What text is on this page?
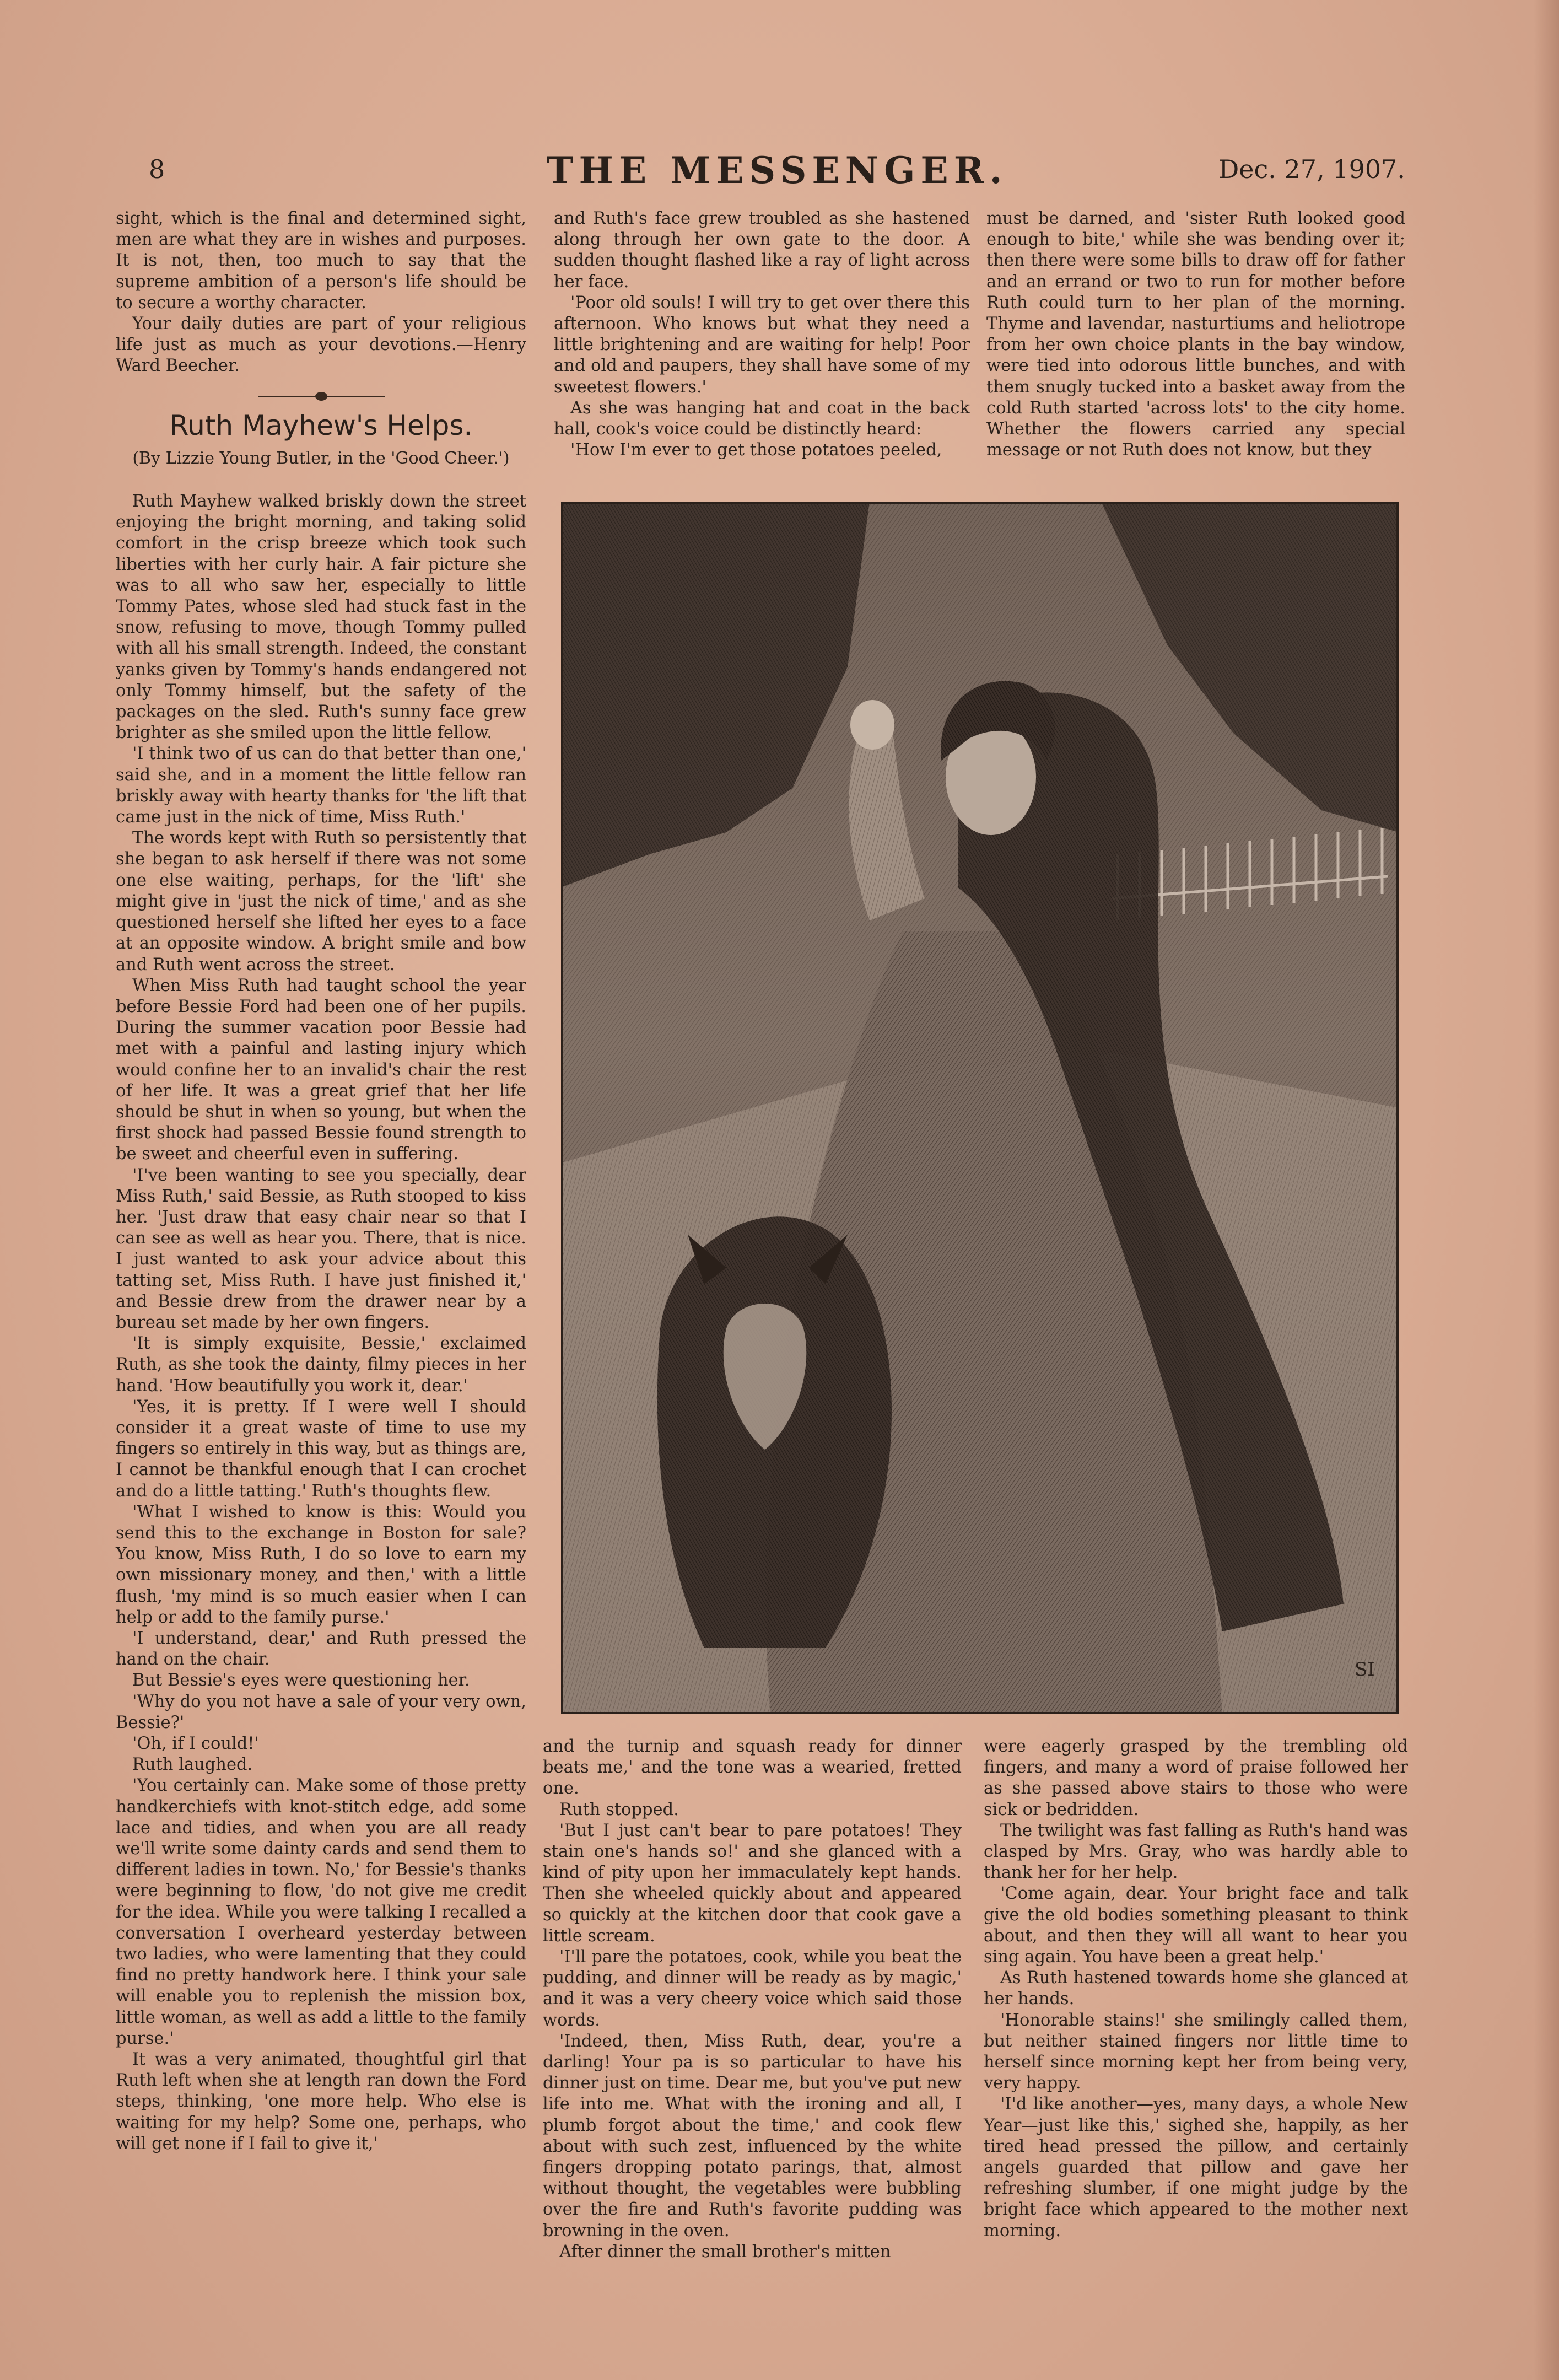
8	THE MESSENGER.	Dec. 27, 1907.

sight, which is the final and determined sight, men are what they are in wishes and purposes. It is not, then, too much to say that the supreme ambition of a person's life should be to secure a worthy character.

Your daily duties are part of your religious life just as much as your devotions.—Henry Ward Beecher.

Ruth Mayhew's Helps.
(By Lizzie Young Butler, in the 'Good Cheer.')

Ruth Mayhew walked briskly down the street enjoying the bright morning, and taking solid comfort in the crisp breeze which took such liberties with her curly hair. A fair picture she was to all who saw her, especially to little Tommy Pates, whose sled had stuck fast in the snow, refusing to move, though Tommy pulled with all his small strength. Indeed, the constant yanks given by Tommy's hands endangered not only Tommy himself, but the safety of the packages on the sled. Ruth's sunny face grew brighter as she smiled upon the little fellow.

'I think two of us can do that better than one,' said she, and in a moment the little fellow ran briskly away with hearty thanks for 'the lift that came just in the nick of time, Miss Ruth.'

The words kept with Ruth so persistently that she began to ask herself if there was not some one else waiting, perhaps, for the 'lift' she might give in 'just the nick of time,' and as she questioned herself she lifted her eyes to a face at an opposite window. A bright smile and bow and Ruth went across the street.

When Miss Ruth had taught school the year before Bessie Ford had been one of her pupils. During the summer vacation poor Bessie had met with a painful and lasting injury which would confine her to an invalid's chair the rest of her life. It was a great grief that her life should be shut in when so young, but when the first shock had passed Bessie found strength to be sweet and cheerful even in suffering.

'I've been wanting to see you specially, dear Miss Ruth,' said Bessie, as Ruth stooped to kiss her. 'Just draw that easy chair near so that I can see as well as hear you. There, that is nice. I just wanted to ask your advice about this tatting set, Miss Ruth. I have just finished it,' and Bessie drew from the drawer near by a bureau set made by her own fingers.

'It is simply exquisite, Bessie,' exclaimed Ruth, as she took the dainty, filmy pieces in her hand. 'How beautifully you work it, dear.'

'Yes, it is pretty. If I were well I should consider it a great waste of time to use my fingers so entirely in this way, but as things are, I cannot be thankful enough that I can crochet and do a little tatting.' Ruth's thoughts flew.

'What I wished to know is this: Would you send this to the exchange in Boston for sale? You know, Miss Ruth, I do so love to earn my own missionary money, and then,' with a little flush, 'my mind is so much easier when I can help or add to the family purse.'

'I understand, dear,' and Ruth pressed the hand on the chair.

But Bessie's eyes were questioning her.

'Why do you not have a sale of your very own, Bessie?'

'Oh, if I could!'

Ruth laughed.

'You certainly can. Make some of those pretty handkerchiefs with knot-stitch edge, add some lace and tidies, and when you are all ready we'll write some dainty cards and send them to different ladies in town. No,' for Bessie's thanks were beginning to flow, 'do not give me credit for the idea. While you were talking I recalled a conversation I overheard yesterday between two ladies, who were lamenting that they could find no pretty handwork here. I think your sale will enable you to replenish the mission box, little woman, as well as add a little to the family purse.'

It was a very animated, thoughtful girl that Ruth left when she at length ran down the Ford steps, thinking, 'one more help. Who else is waiting for my help? Some one, perhaps, who will get none if I fail to give it,'

and Ruth's face grew troubled as she hastened along through her own gate to the door. A sudden thought flashed like a ray of light across her face.

'Poor old souls! I will try to get over there this afternoon. Who knows but what they need a little brightening and are waiting for help! Poor and old and paupers, they shall have some of my sweetest flowers.'

As she was hanging hat and coat in the back hall, cook's voice could be distinctly heard:

'How I'm ever to get those potatoes peeled,

must be darned, and 'sister Ruth looked good enough to bite,' while she was bending over it; then there were some bills to draw off for father and an errand or two to run for mother before Ruth could turn to her plan of the morning. Thyme and lavendar, nasturtiums and heliotrope from her own choice plants in the bay window, were tied into odorous little bunches, and with them snugly tucked into a basket away from the cold Ruth started 'across lots' to the city home. Whether the flowers carried any special message or not Ruth does not know, but they

SI

and the turnip and squash ready for dinner beats me,' and the tone was a wearied, fretted one.

Ruth stopped.

'But I just can't bear to pare potatoes! They stain one's hands so!' and she glanced with a kind of pity upon her immaculately kept hands. Then she wheeled quickly about and appeared so quickly at the kitchen door that cook gave a little scream.

'I'll pare the potatoes, cook, while you beat the pudding, and dinner will be ready as by magic,' and it was a very cheery voice which said those words.

'Indeed, then, Miss Ruth, dear, you're a darling! Your pa is so particular to have his dinner just on time. Dear me, but you've put new life into me. What with the ironing and all, I plumb forgot about the time,' and cook flew about with such zest, influenced by the white fingers dropping potato parings, that, almost without thought, the vegetables were bubbling over the fire and Ruth's favorite pudding was browning in the oven.

After dinner the small brother's mitten

were eagerly grasped by the trembling old fingers, and many a word of praise followed her as she passed above stairs to those who were sick or bedridden.

The twilight was fast falling as Ruth's hand was clasped by Mrs. Gray, who was hardly able to thank her for her help.

'Come again, dear. Your bright face and talk give the old bodies something pleasant to think about, and then they will all want to hear you sing again. You have been a great help.'

As Ruth hastened towards home she glanced at her hands.

'Honorable stains!' she smilingly called them, but neither stained fingers nor little time to herself since morning kept her from being very, very happy.

'I'd like another—yes, many days, a whole New Year—just like this,' sighed she, happily, as her tired head pressed the pillow, and certainly angels guarded that pillow and gave her refreshing slumber, if one might judge by the bright face which appeared to the mother next morning.
